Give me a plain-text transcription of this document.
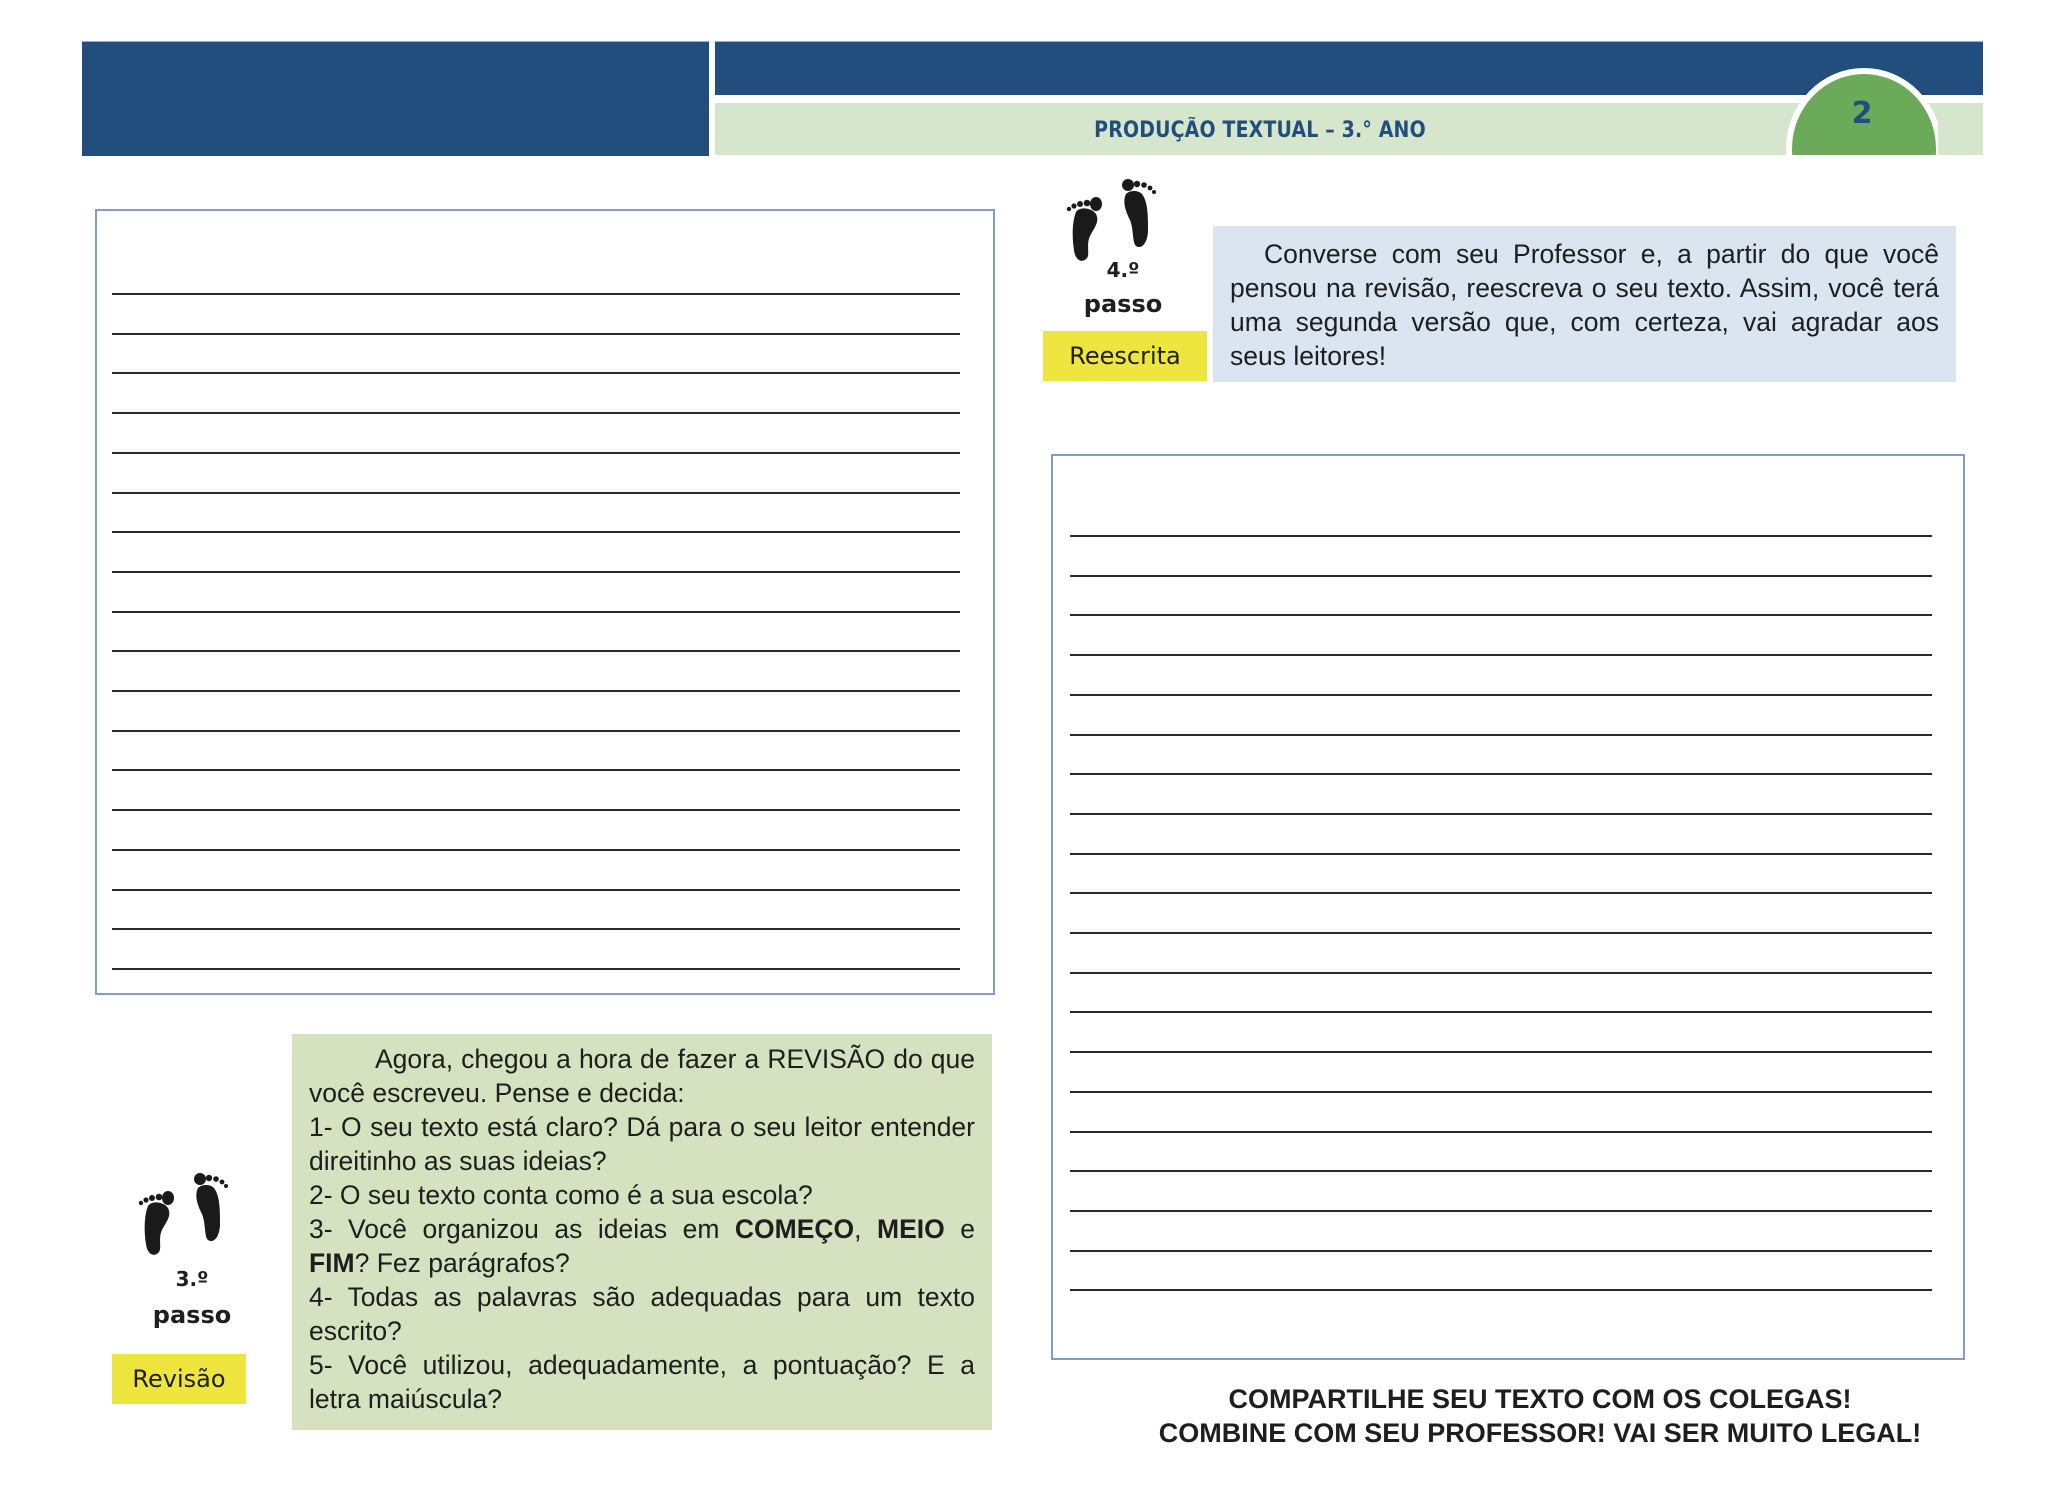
PRODUÇÃO TEXTUAL – 3.° ANO	2
4.º
passo
Reescrita
Converse com seu Professor e, a partir do que você pensou na revisão, reescreva o seu texto. Assim, você terá uma segunda versão que, com certeza, vai agradar aos seus leitores!
3.º
passo
Revisão
Agora, chegou a hora de fazer a REVISÃO do que você escreveu. Pense e decida:
1- O seu texto está claro? Dá para o seu leitor entender direitinho as suas ideias?
2- O seu texto conta como é a sua escola?
3- Você organizou as ideias em COMEÇO, MEIO e FIM? Fez parágrafos?
4- Todas as palavras são adequadas para um texto escrito?
5- Você utilizou, adequadamente, a pontuação? E a letra maiúscula?	COMPARTILHE SEU TEXTO COM OS COLEGAS!
COMBINE COM SEU PROFESSOR! VAI SER MUITO LEGAL!
